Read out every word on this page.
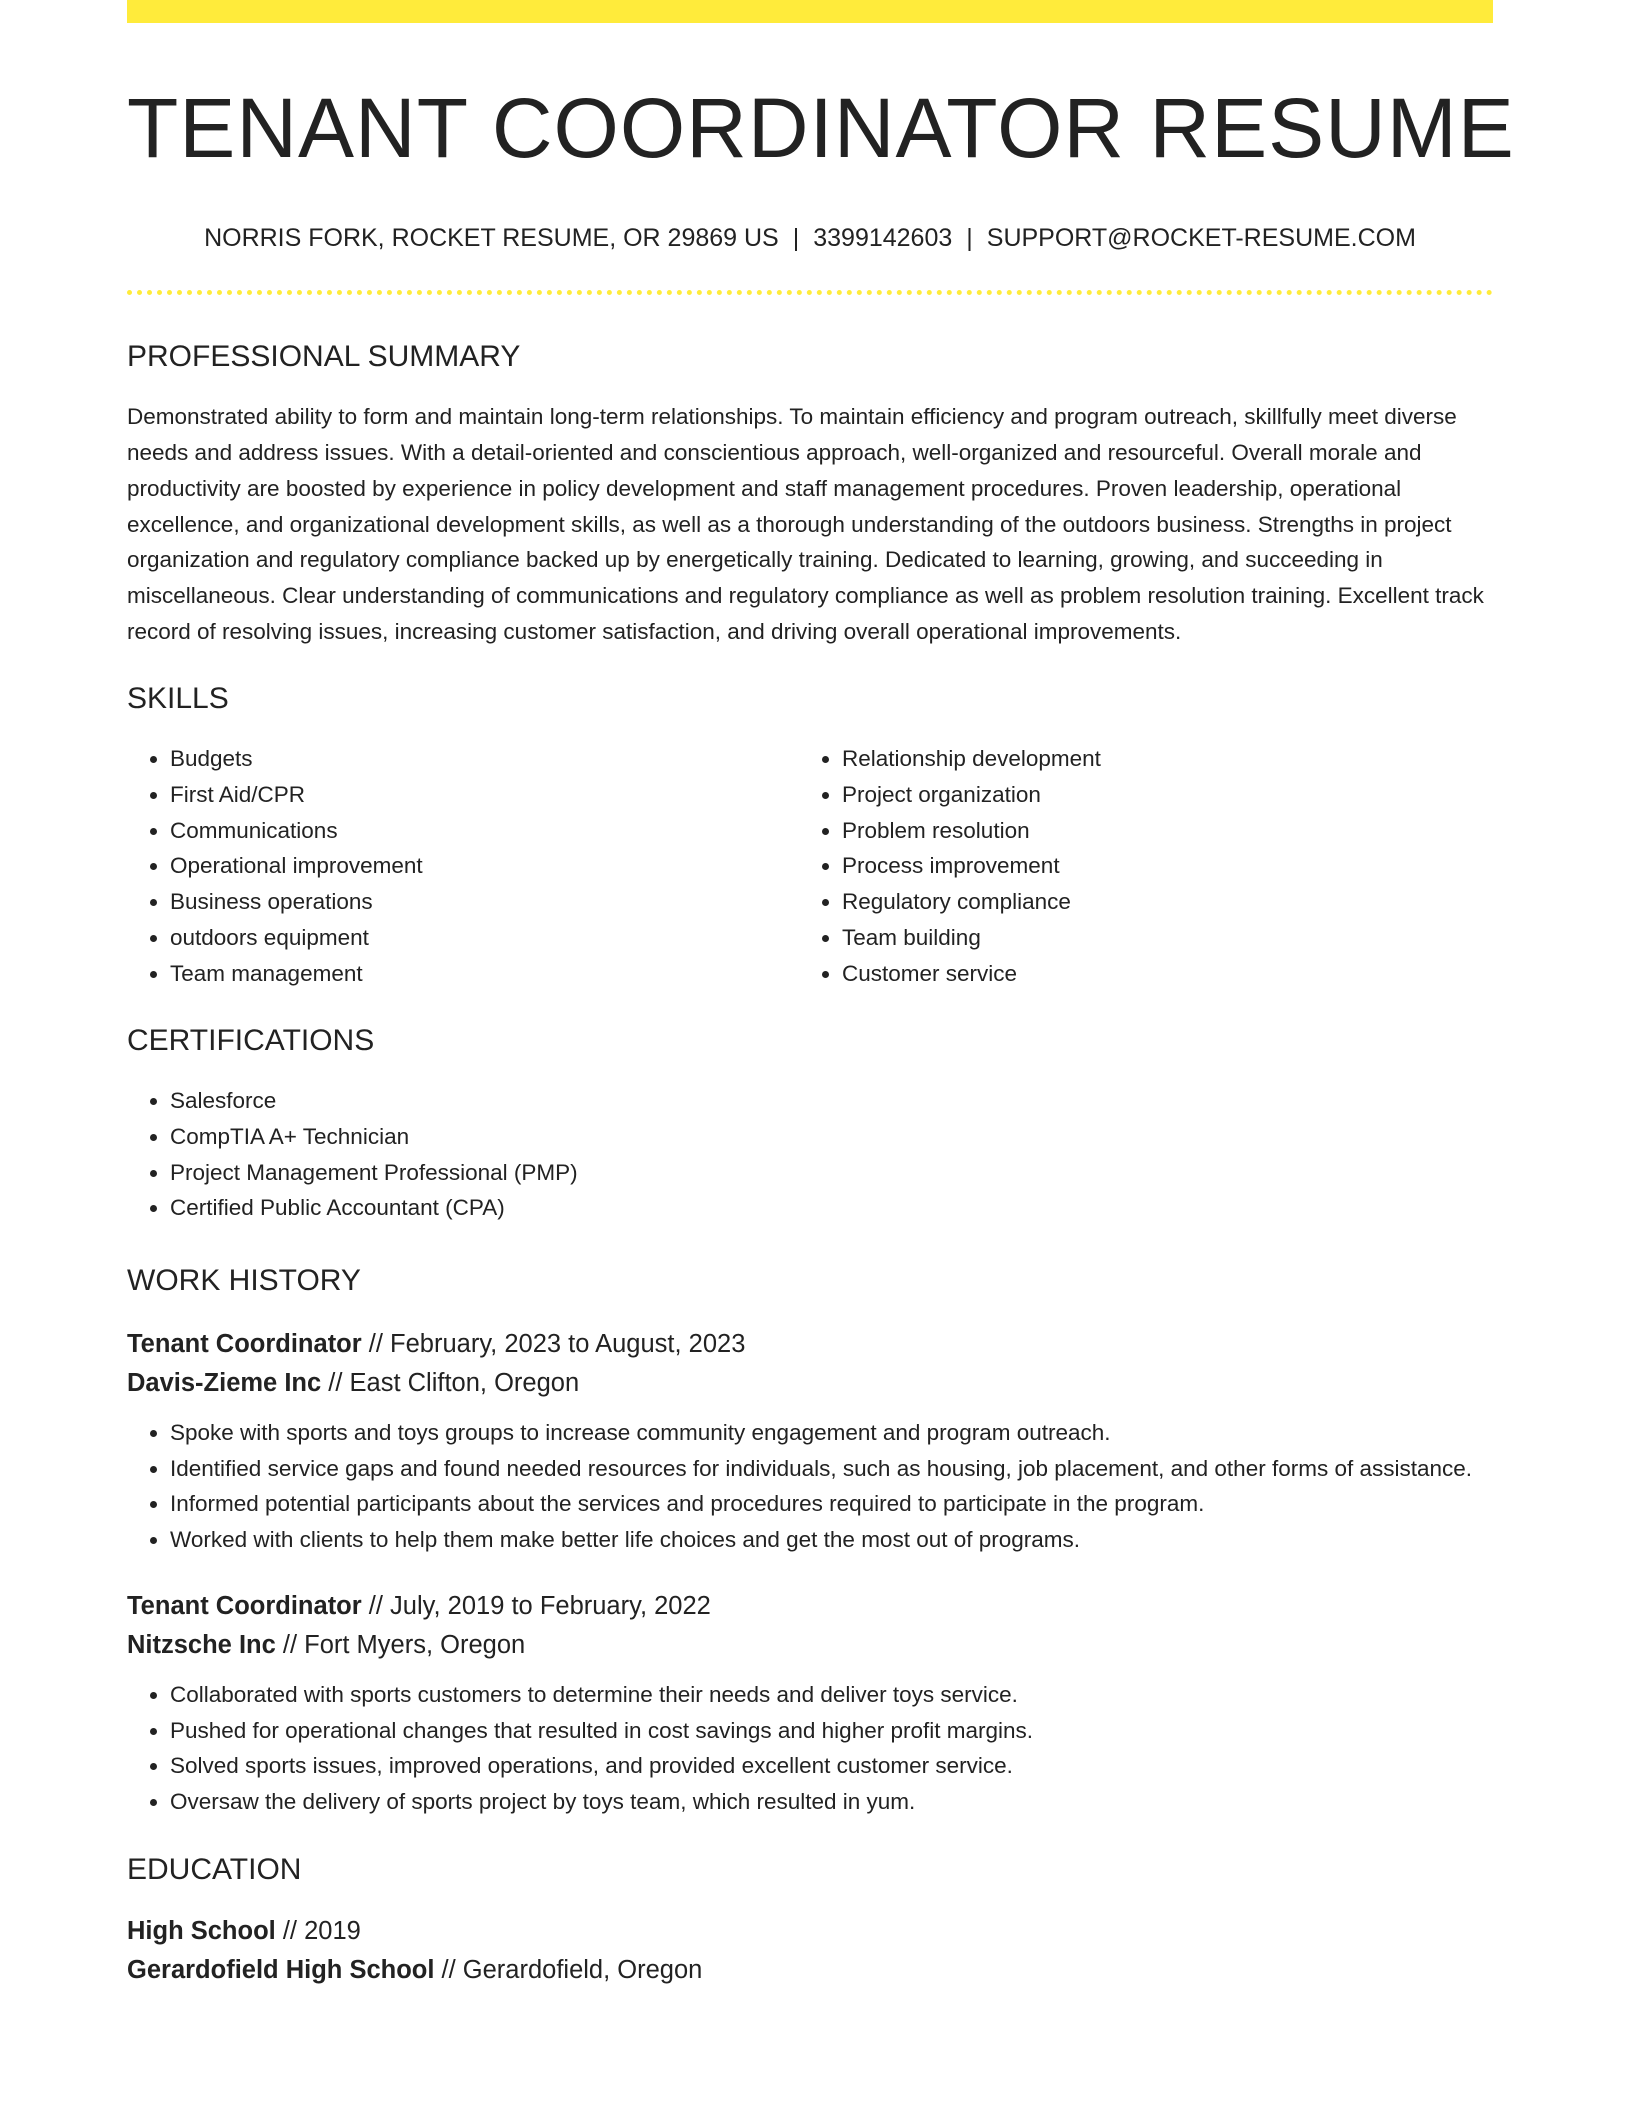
TENANT COORDINATOR RESUME
NORRIS FORK, ROCKET RESUME, OR 29869 US | 3399142603 | SUPPORT@ROCKET-RESUME.COM
PROFESSIONAL SUMMARY

Demonstrated ability to form and maintain long-term relationships. To maintain efficiency and program outreach, skillfully meet diverse needs and address issues. With a detail-oriented and conscientious approach, well-organized and resourceful. Overall morale and productivity are boosted by experience in policy development and staff management procedures. Proven leadership, operational excellence, and organizational development skills, as well as a thorough understanding of the outdoors business. Strengths in project organization and regulatory compliance backed up by energetically training. Dedicated to learning, growing, and succeeding in miscellaneous. Clear understanding of communications and regulatory compliance as well as problem resolution training. Excellent track record of resolving issues, increasing customer satisfaction, and driving overall operational improvements.

SKILLS
• Budgets
• First Aid/CPR
• Communications
• Operational improvement
• Business operations
• outdoors equipment
• Team management
• Relationship development
• Project organization
• Problem resolution
• Process improvement
• Regulatory compliance
• Team building
• Customer service
CERTIFICATIONS
• Salesforce
• CompTIA A+ Technician
• Project Management Professional (PMP)
• Certified Public Accountant (CPA)
WORK HISTORY
Tenant Coordinator // February, 2023 to August, 2023
Davis-Zieme Inc // East Clifton, Oregon
• Spoke with sports and toys groups to increase community engagement and program outreach.
• Identified service gaps and found needed resources for individuals, such as housing, job placement, and other forms of assistance.
• Informed potential participants about the services and procedures required to participate in the program.
• Worked with clients to help them make better life choices and get the most out of programs.
Tenant Coordinator // July, 2019 to February, 2022
Nitzsche Inc // Fort Myers, Oregon
• Collaborated with sports customers to determine their needs and deliver toys service.
• Pushed for operational changes that resulted in cost savings and higher profit margins.
• Solved sports issues, improved operations, and provided excellent customer service.
• Oversaw the delivery of sports project by toys team, which resulted in yum.
EDUCATION
High School // 2019
Gerardofield High School // Gerardofield, Oregon
